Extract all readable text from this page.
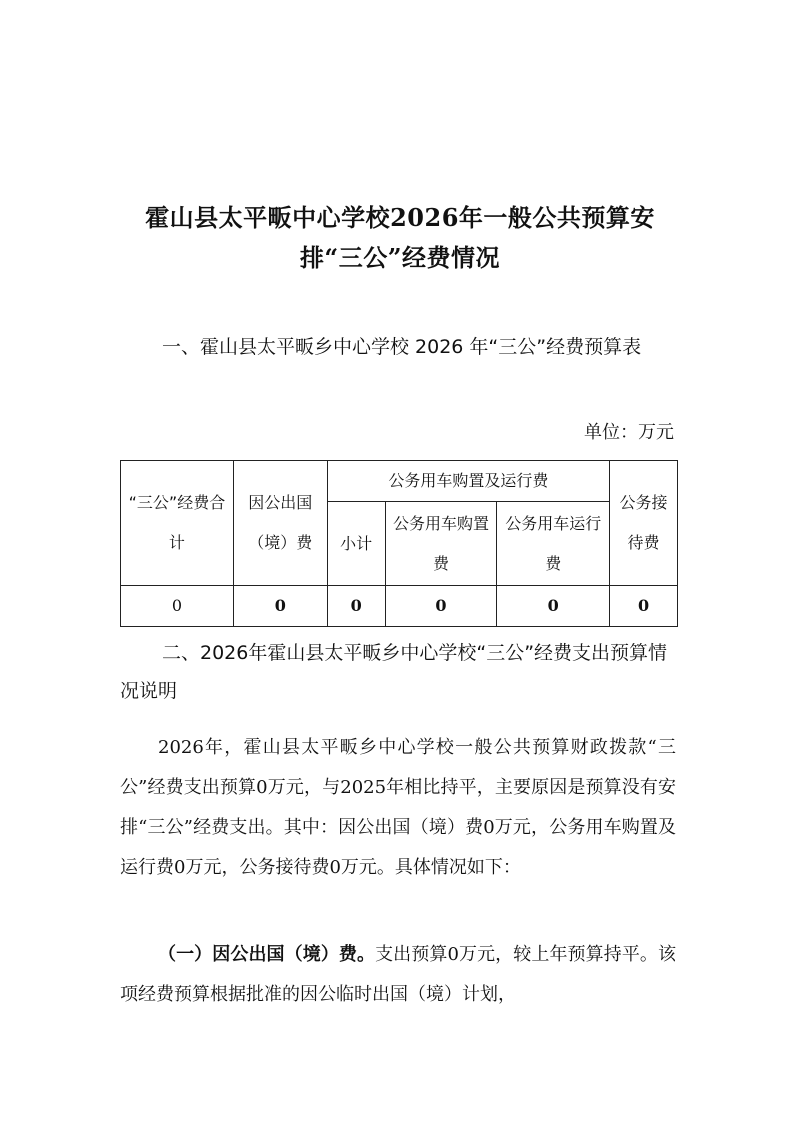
霍山县太平畈中心学校2026年一般公共预算安排“三公”经费情况
一、霍山县太平畈乡中心学校 2026 年“三公”经费预算表
单位：万元
“三公”经费合计	因公出国（境）费	公务用车购置及运行费			公务接待费
		小计	公务用车购置费	公务用车运行费	
0	0	0	0	0	0
二、2026年霍山县太平畈乡中心学校“三公”经费支出预算情况说明
2026年，霍山县太平畈乡中心学校一般公共预算财政拨款“三公”经费支出预算0万元，与2025年相比持平，主要原因是预算没有安排“三公”经费支出。其中：因公出国（境）费0万元，公务用车购置及运行费0万元，公务接待费0万元。具体情况如下：
（一）因公出国（境）费。支出预算0万元，较上年预算持平。该项经费预算根据批准的因公临时出国（境）计划，
